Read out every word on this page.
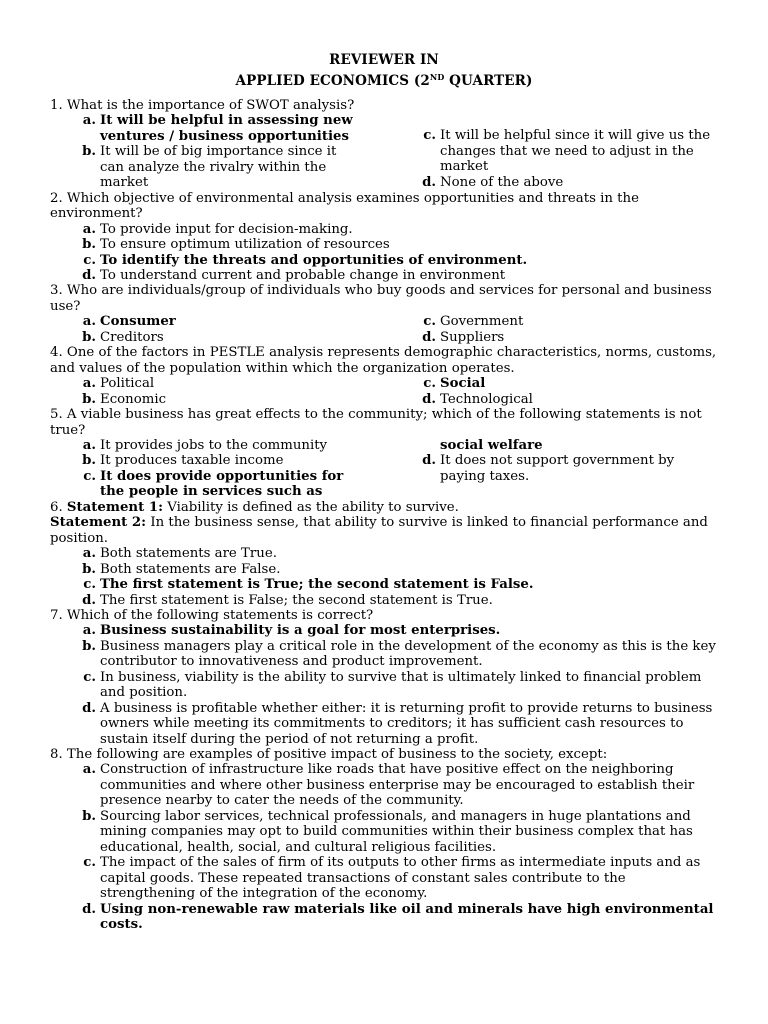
REVIEWER IN
APPLIED ECONOMICS (2ND QUARTER)
1. What is the importance of SWOT analysis?
a. It will be helpful in assessing new ventures / business opportunities
b. It will be of big importance since it can analyze the rivalry within the market
c. It will be helpful since it will give us the changes that we need to adjust in the market
d. None of the above
2. Which objective of environmental analysis examines opportunities and threats in the environment?
a. To provide input for decision-making.
b. To ensure optimum utilization of resources
c. To identify the threats and opportunities of environment.
d. To understand current and probable change in environment
3. Who are individuals/group of individuals who buy goods and services for personal and business use?
a. Consumer
b. Creditors
c. Government
d. Suppliers
4. One of the factors in PESTLE analysis represents demographic characteristics, norms, customs, and values of the population within which the organization operates.
a. Political
b. Economic
c. Social
d. Technological
5. A viable business has great effects to the community; which of the following statements is not true?
a. It provides jobs to the community
b. It produces taxable income
c. It does provide opportunities for the people in services such as
social welfare
d. It does not support government by paying taxes.
6. Statement 1: Viability is defined as the ability to survive.
Statement 2: In the business sense, that ability to survive is linked to financial performance and position.
a. Both statements are True.
b. Both statements are False.
c. The first statement is True; the second statement is False.
d. The first statement is False; the second statement is True.
7. Which of the following statements is correct?
a. Business sustainability is a goal for most enterprises.
b. Business managers play a critical role in the development of the economy as this is the key contributor to innovativeness and product improvement.
c. In business, viability is the ability to survive that is ultimately linked to financial problem and position.
d. A business is profitable whether either: it is returning profit to provide returns to business owners while meeting its commitments to creditors; it has sufficient cash resources to sustain itself during the period of not returning a profit.
8. The following are examples of positive impact of business to the society, except:
a. Construction of infrastructure like roads that have positive effect on the neighboring communities and where other business enterprise may be encouraged to establish their presence nearby to cater the needs of the community.
b. Sourcing labor services, technical professionals, and managers in huge plantations and mining companies may opt to build communities within their business complex that has educational, health, social, and cultural religious facilities.
c. The impact of the sales of firm of its outputs to other firms as intermediate inputs and as capital goods. These repeated transactions of constant sales contribute to the strengthening of the integration of the economy.
d. Using non-renewable raw materials like oil and minerals have high environmental costs.
